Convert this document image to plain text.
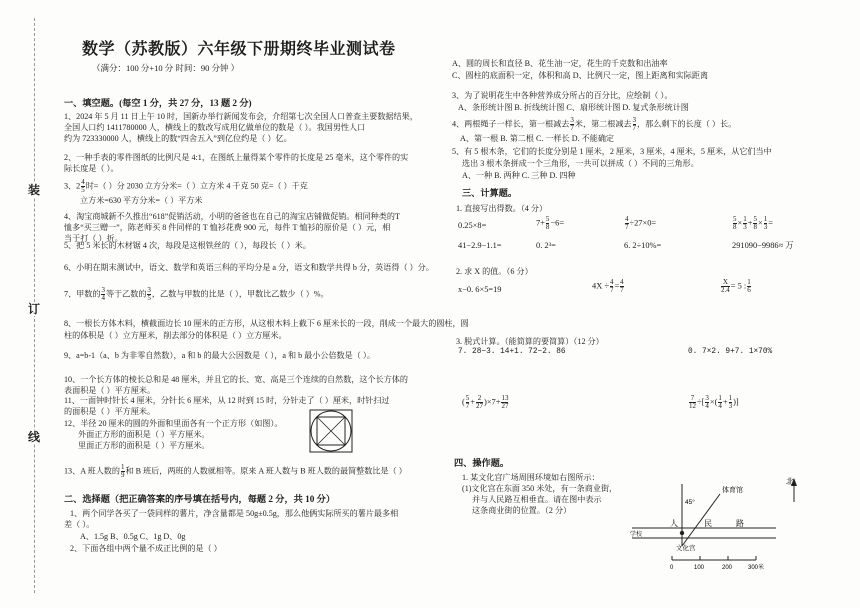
装
订
线
数学（苏教版）六年级下册期终毕业测试卷
（满分：100 分+10 分 时间：90 分钟 ）
一、填空题。(每空 1 分，共 27 分，13 题 2 分)
1、2024 年 5 月 11 日上午 10 时，国新办举行新闻发布会，介绍第七次全国人口普查主要数据结果，
全国人口约 1411780000 人，横线上的数改写成用亿做单位的数是（ ）。我国男性人口
约为 723330000 人，横线上的数“四舍五入”到亿位约是（ ）亿。
2、一种手表的零件图纸的比例尺是 4:1，在图纸上量得某个零件的长度是 25 毫米，这个零件的实
际长度是（ ）。
3、$2 \frac{4}{5}$ 时=（ ）分 2030 立方分米=（ ）立方米 4 千克 50 克=（ ）千克
立方米=630 平方分米=（ ）平方米
4、淘宝商城新不久推出“618”促销活动，小明的爸爸也在自己的淘宝店铺做促销。相同种类的T
恤多“买三赠一”，陈老师买 8 件同样的 T 恤衫花费 900 元，每件 T 恤衫的原价是（ ）元，相
当于打（ ）折。
5、把 5 米长的木材锯 4 次，每段是这根铁丝的（ ），每段长（ ）米。
6、小明在期末测试中，语文、数学和英语三科的平均分是 a 分，语文和数学共得 b 分，英语得（ ）分。
7、甲数的 $\frac{3}{4}$ 等于乙数的 $\frac{3}{5}$ ，乙数与甲数的比是（ ），甲数比乙数少（ ）%。
8、一根长方体木料，横截面边长 10 厘米的正方形，从这根木料上截下 6 厘米长的一段，削成一个最大的圆柱，圆
柱的体积是（ ）立方厘米，削去部分的体积是（ ）立方厘米。
9、a=b-1（a、b 为非零自然数），a 和 b 的最大公因数是（ ），a 和 b 最小公倍数是（ ）。
10、一个长方体的棱长总和是 48 厘米，并且它的长、宽、高是三个连续的自然数，这个长方体的
表面积是（ ）平方厘米。
11、一面钟时针长 4 厘米，分针长 6 厘米，从 12 时到 15 时，分针走了（ ）厘米，时针扫过
的面积是（ ）平方厘米。
12、半径 20 厘米的圆的外面和里面各有一个正方形（如图）。
外面正方形的面积是（ ）平方厘米。
里面正方形的面积是（ ）平方厘米。
13、A 班人数的 $\frac{1}{9}$ 和 B 班后，两班的人数就相等。原来 A 班人数与 B 班人数的最简整数比是（ ）
二、选择题（把正确答案的序号填在括号内，每题 2 分，共 10 分）
1、两个同学各买了一袋同样的薯片，净含量都是 50g±0.5g，那么他俩实际所买的薯片最多相
差（ ）。
A、1.5g B、0.5g C、1g D、0g
2、下面各组中两个量不成正比例的是（ ）
A、圆的周长和直径 B、花生油一定，花生的千克数和出油率
C、圆柱的底面积一定，体积和高 D、比例尺一定，图上距离和实际距离
3、为了说明花生中各种营养成分所占的百分比，应绘制（ ）。
A、条形统计图 B. 折线统计图 C、扇形统计图 D. 复式条形统计图
4、两根绳子一样长，第一根减去 $\frac{3}{7}$ 米，第二根减去 $\frac{3}{7}$ ，那么剩下的长度（ ）长。
A、第一根 B. 第二根 C. 一样长 D. 不能确定
5、有 5 根木条，它们的长度分别是 1 厘米，2 厘米，3 厘米，4 厘米，5 厘米，从它们当中
选出 3 根木条拼成一个三角形，一共可以拼成（ ）不同的三角形。
A、一种 B. 两种 C. 三种 D. 四种
三、计算题。
1. 直接写出得数。（4 分）
0.25×8=	$7+ \frac{5}{8} -6=$	$\frac{4}{7} \div 27\times 0=$	$\frac{5}{8} \times \frac{1}{3} + \frac{5}{8} \times \frac{1}{3}$ =
41−2.9−1.1=	0. 2³=	6. 2÷10%=	291090−9986≈ 万
2. 求 X 的值。（6 分）
x−0. 6×5=19	$4X \div \frac{4}{7} = \frac{4}{7}$	$\frac{X}{2.4} = 5$ : $\frac{1}{6}$
3. 脱式计算。（能简算的要简算）（12 分）
7. 28−3. 14+1. 72−2. 86	0. 7×2. 9+7. 1×70%
( $\frac{5}{7} + \frac{2}{27} )\times 7+ \frac{13}{27}$	$\frac{7}{12}$ ÷[ $\frac{3}{4}$ ×( $\frac{1}{4} + \frac{1}{3}$ )]
四、操作题。
1. 某文化宫广场周围环境如右图所示：
(1)文化宫在东面 350 米处，有一条商业街，
并与人民路互相垂直。请在图中表示
这条商业街的位置。（2 分）
北
体育馆
45°
人	民	路
学校
文化宫
0	100	200	300米
